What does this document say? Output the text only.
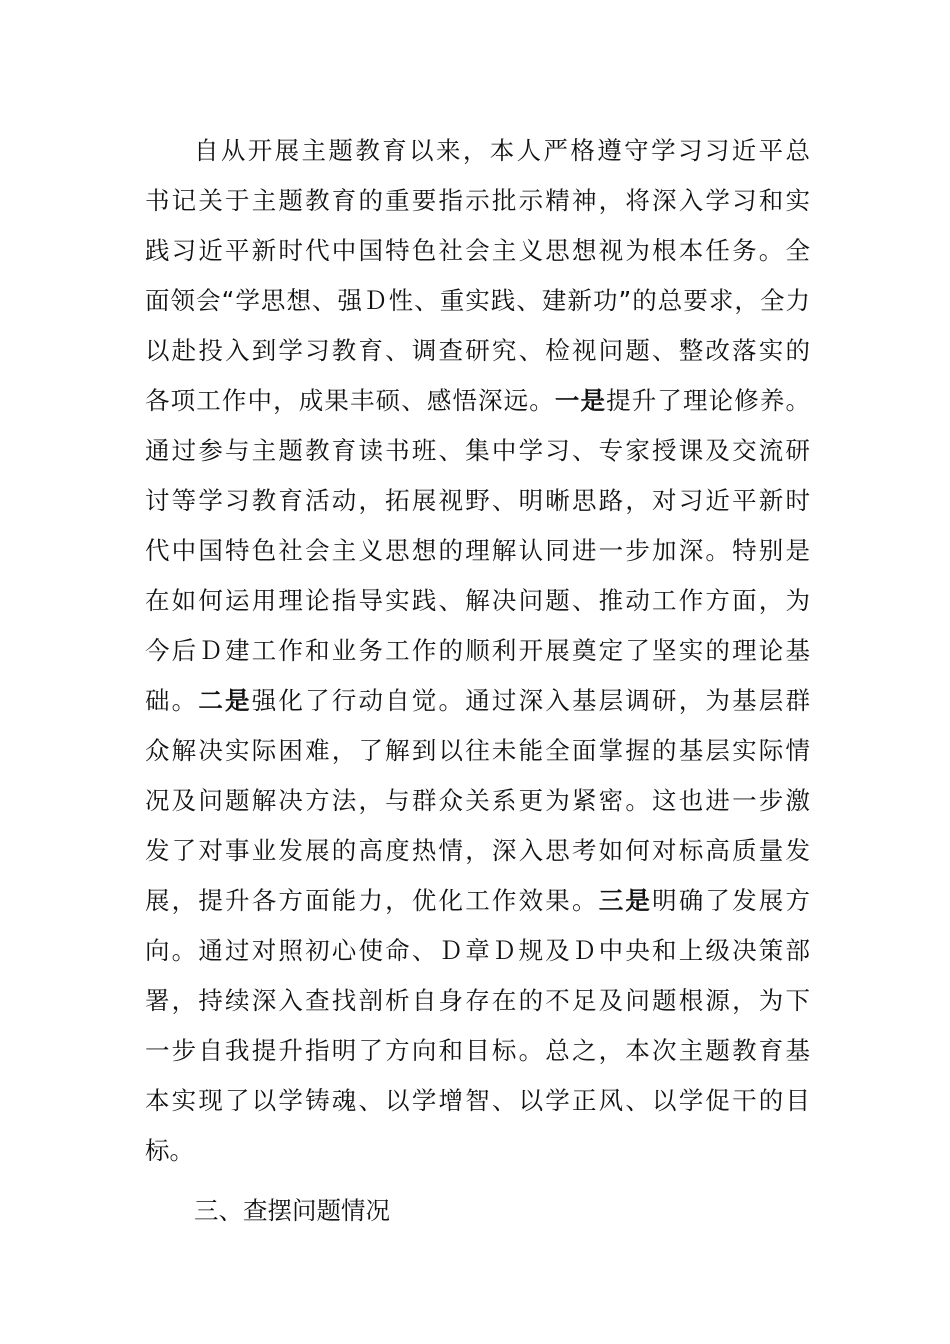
自从开展主题教育以来，本人严格遵守学习习近平总
书记关于主题教育的重要指示批示精神，将深入学习和实
践习近平新时代中国特色社会主义思想视为根本任务。全
面领会“学思想、强Ｄ性、重实践、建新功”的总要求，全力
以赴投入到学习教育、调查研究、检视问题、整改落实的
各项工作中，成果丰硕、感悟深远。一是提升了理论修养。
通过参与主题教育读书班、集中学习、专家授课及交流研
讨等学习教育活动，拓展视野、明晰思路，对习近平新时
代中国特色社会主义思想的理解认同进一步加深。特别是
在如何运用理论指导实践、解决问题、推动工作方面，为
今后Ｄ建工作和业务工作的顺利开展奠定了坚实的理论基
础。二是强化了行动自觉。通过深入基层调研，为基层群
众解决实际困难，了解到以往未能全面掌握的基层实际情
况及问题解决方法，与群众关系更为紧密。这也进一步激
发了对事业发展的高度热情，深入思考如何对标高质量发
展，提升各方面能力，优化工作效果。三是明确了发展方
向。通过对照初心使命、Ｄ章Ｄ规及Ｄ中央和上级决策部
署，持续深入查找剖析自身存在的不足及问题根源，为下
一步自我提升指明了方向和目标。总之，本次主题教育基
本实现了以学铸魂、以学增智、以学正风、以学促干的目
标。
三、查摆问题情况
